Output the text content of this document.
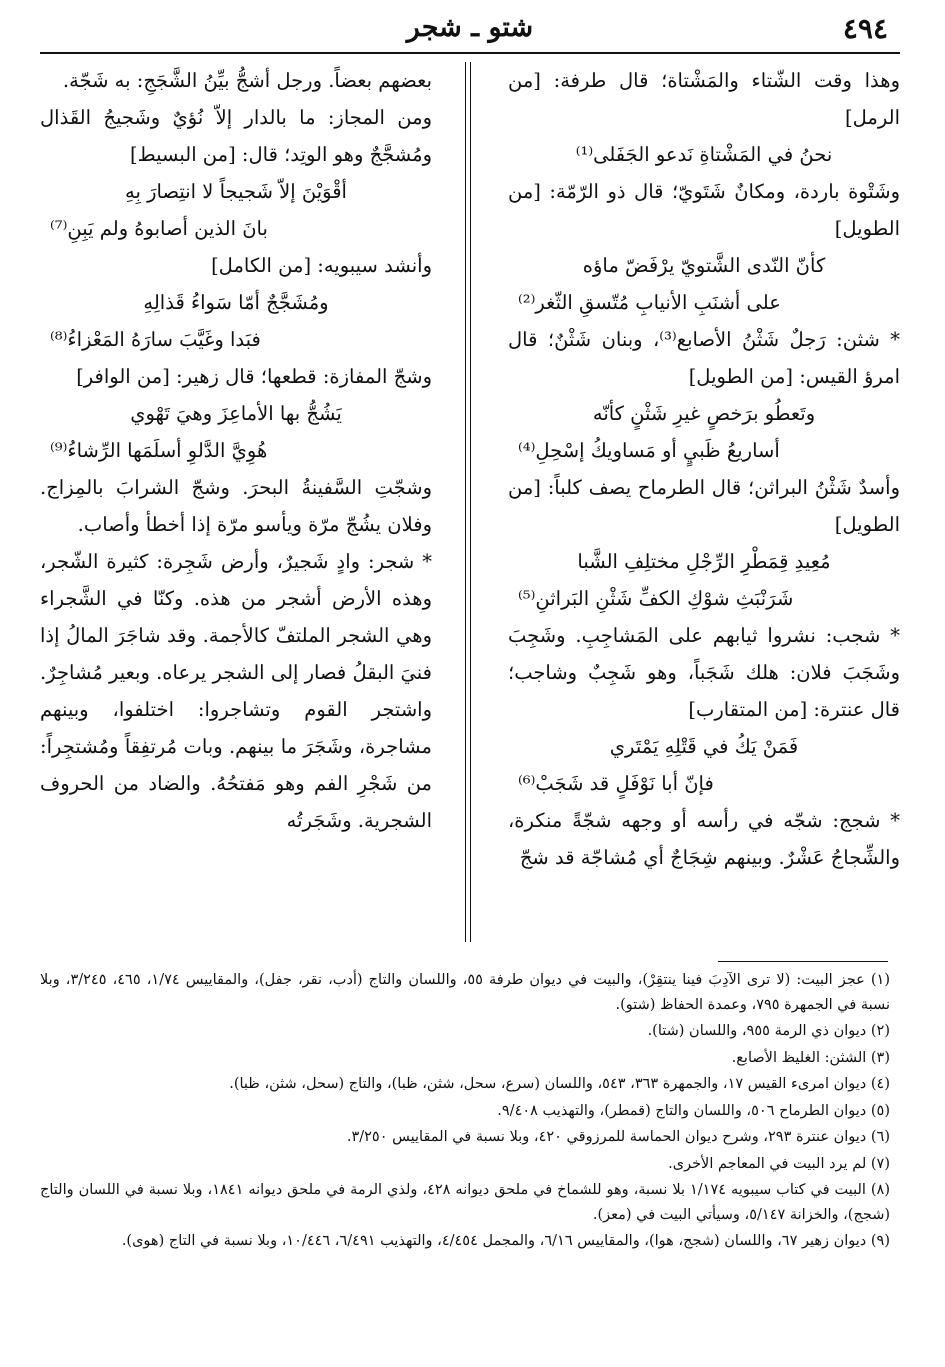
٤٩٤
شتو ـ شجر

وهذا وقت الشّتاء والمَشْتاة؛ قال طرفة: [من الرمل]

نحنُ في المَشْتاةِ نَدعو الجَفَلى⁽¹⁾

وشَتْوة باردة، ومكانٌ شَتَويّ؛ قال ذو الرّمّة: [من الطويل]

كأنّ النّدى الشَّتويّ يرْفَضّ ماؤه

على أشنَبِ الأنيابِ مُتّسقِ الثّغر⁽²⁾

* شثن: رَجلٌ شَثْنُ الأصابع⁽³⁾، وبنان شَثْنٌ؛ قال امرؤ القيس: [من الطويل]

وتَعطُو برَخصٍ غيرِ شَثْنٍ كأنّه

أساريعُ ظَبيٍ أو مَساويكُ إسْحِلِ⁽⁴⁾

وأسدٌ شَثْنُ البراثن؛ قال الطرماح يصف كلباً: [من الطويل]

مُعِيدِ قِمَطْرِ الرِّجْلِ مختلِفِ الشَّبا

شَرَنْبَثِ شوْكِ الكفِّ شَثْنِ البَراثنِ⁽⁵⁾

* شجب: نشروا ثيابهم على المَشاجِبِ. وشَجِبَ وشَجَبَ فلان: هلك شَجَباً، وهو شَجِبٌ وشاجب؛ قال عنترة: [من المتقارب]

فَمَنْ يَكُ في قَتْلِهِ يَمْتَري

فإنّ أبا نَوْفَلٍ قد شَجَبْ⁽⁶⁾

* شجج: شجّه في رأسه أو وجهه شجّةً منكرة، والشِّجاجُ عَشْرٌ. وبينهم شِجَاجٌ أي مُشاجّة قد شجّ

بعضهم بعضاً. ورجل أشجُّ بيِّنُ الشَّجَجِ: به شَجّة.

ومن المجاز: ما بالدار إلاّ نُؤيٌ وشَجيجُ القَذال ومُشجَّجٌ وهو الوتِد؛ قال: [من البسيط]

أقْوَيْنَ إلاّ شَجيجاً لا انتِصارَ بِهِ

بانَ الذين أصابوهُ ولم يَبِنِ⁽⁷⁾

وأنشد سيبويه: [من الكامل]

ومُشَجَّجٌ أمّا سَواءُ قَذالِهِ

فبَدا وغَيَّبَ سارَهُ المَعْزاءُ⁽⁸⁾

وشجّ المفازة: قطعها؛ قال زهير: [من الوافر]

يَشُجُّ بها الأماعِزَ وهيَ تَهْوي

هُوِيَّ الدَّلوِ أسلَمَها الرِّشاءُ⁽⁹⁾

وشجّتِ السَّفينةُ البحرَ. وشجّ الشرابَ بالمِزاج. وفلان يشُجّ مرّة ويأسو مرّة إذا أخطأ وأصاب.

* شجر: وادٍ شَجيرٌ، وأرض شَجِرة: كثيرة الشّجر، وهذه الأرض أشجر من هذه. وكنّا في الشَّجراء وهي الشجر الملتفّ كالأجمة. وقد شاجَرَ المالُ إذا فنيَ البقلُ فصار إلى الشجر يرعاه. وبعير مُشاجِرٌ. واشتجر القوم وتشاجروا: اختلفوا، وبينهم مشاجرة، وشَجَرَ ما بينهم. وبات مُرتفِقاً ومُشتجِراً: من شَجْرِ الفم وهو مَفتحُهُ. والضاد من الحروف الشجرية. وشَجَرتُه

(١) عجز البيت: (لا ترى الآدِبَ فينا ينتقِرْ)، والبيت في ديوان طرفة ٥٥، واللسان والتاج (أدب، نقر، جفل)، والمقاييس ١/٧٤، ٤٦٥، ٣/٢٤٥، وبلا نسبة في الجمهرة ٧٩٥، وعمدة الحفاظ (شتو).

(٢) ديوان ذي الرمة ٩٥٥، واللسان (شتا).

(٣) الشثن: الغليظ الأصابع.

(٤) ديوان امرىء القيس ١٧، والجمهرة ٣٦٣، ٥٤٣، واللسان (سرع، سحل، شثن، ظبا)، والتاج (سحل، شثن، ظبا).

(٥) ديوان الطرماح ٥٠٦، واللسان والتاج (قمطر)، والتهذيب ٩/٤٠٨.

(٦) ديوان عنترة ٢٩٣، وشرح ديوان الحماسة للمرزوقي ٤٢٠، وبلا نسبة في المقاييس ٣/٢٥٠.

(٧) لم يرد البيت في المعاجم الأخرى.

(٨) البيت في كتاب سيبويه ١/١٧٤ بلا نسبة، وهو للشماخ في ملحق ديوانه ٤٢٨، ولذي الرمة في ملحق ديوانه ١٨٤١، وبلا نسبة في اللسان والتاج (شجج)، والخزانة ٥/١٤٧، وسيأتي البيت في (معز).

(٩) ديوان زهير ٦٧، واللسان (شجج، هوا)، والمقاييس ٦/١٦، والمجمل ٤/٤٥٤، والتهذيب ٦/٤٩١، ١٠/٤٤٦، وبلا نسبة في التاج (هوى).
